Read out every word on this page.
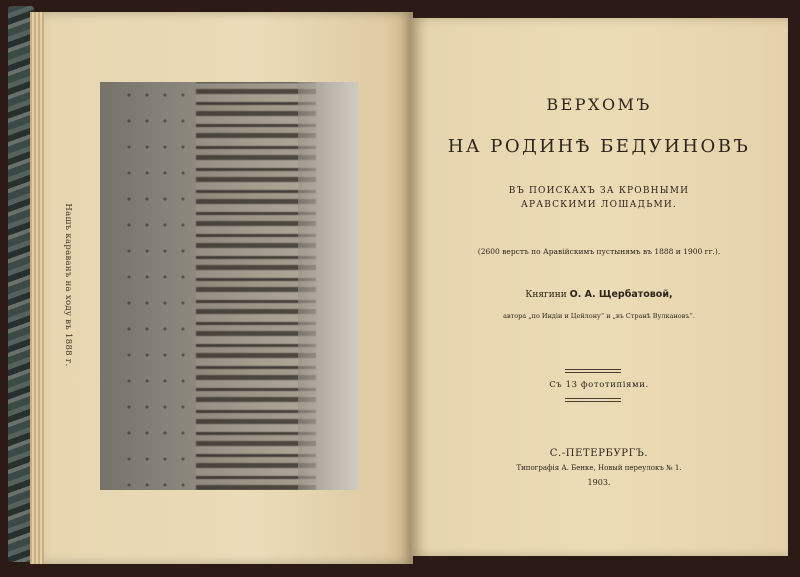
Нашъ караванъ на ходу въ 1888 г.
ВЕРХОМЪ
НА РОДИНѢ БЕДУИНОВЪ
ВЪ ПОИСКАХЪ ЗА КРОВНЫМИ
АРАВСКИМИ ЛОШАДЬМИ.
(2600 верстъ по Аравійскимъ пустынямъ въ 1888 и 1900 гг.).
Княгини О. А. Щербатовой,
автора „по Индіи и Цейлону“ и „въ Странѣ Вулкановъ“.
Съ 13 фототипіями.
С.-ПЕТЕРБУРГЪ.
Типографія А. Бенке, Новый переулокъ № 1.
1903.
